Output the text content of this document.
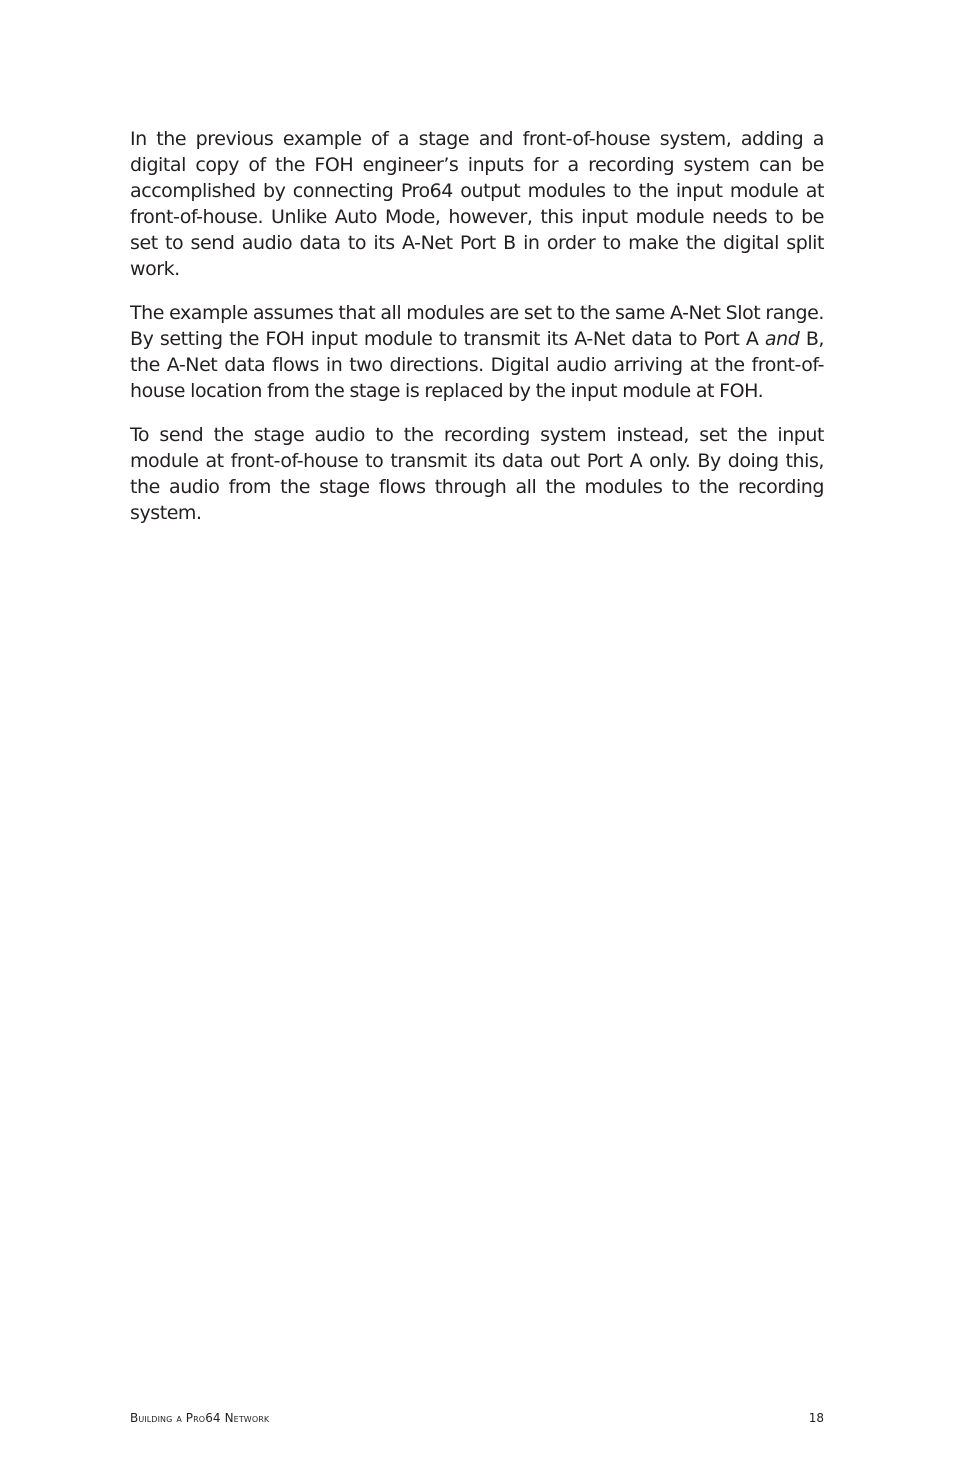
In the previous example of a stage and front-of-house system, adding a digital copy of the FOH engineer’s inputs for a recording system can be accomplished by connecting Pro64 output modules to the input module at front-of-house. Unlike Auto Mode, however, this input module needs to be set to send audio data to its A-Net Port B in order to make the digital split work.

The example assumes that all modules are set to the same A-Net Slot range. By setting the FOH input module to transmit its A-Net data to Port A and B, the A-Net data flows in two directions. Digital audio arriving at the front-of-house location from the stage is replaced by the input module at FOH.

To send the stage audio to the recording system instead, set the input module at front-of-house to transmit its data out Port A only. By doing this, the audio from the stage flows through all the modules to the recording system.

Building a Pro64 Network	18
